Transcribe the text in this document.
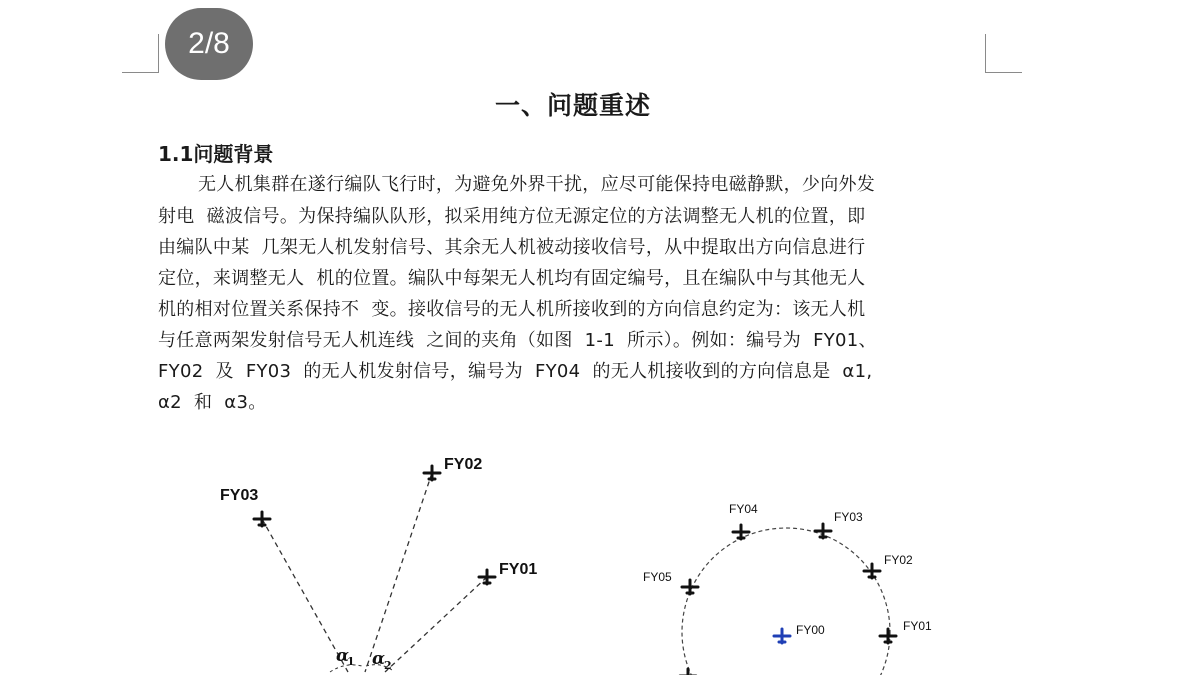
2/8
一、问题重述
1.1问题背景
无人机集群在遂行编队飞行时，为避免外界干扰，应尽可能保持电磁静默，少向外发
射电  磁波信号。为保持编队队形，拟采用纯方位无源定位的方法调整无人机的位置，即
由编队中某  几架无人机发射信号、其余无人机被动接收信号，从中提取出方向信息进行
定位，来调整无人  机的位置。编队中每架无人机均有固定编号，且在编队中与其他无人
机的相对位置关系保持不  变。接收信号的无人机所接收到的方向信息约定为：该无人机
与任意两架发射信号无人机连线  之间的夹角（如图  1-1  所示）。例如：编号为  FY01、
FY02  及  FY03  的无人机发射信号，编号为  FY04  的无人机接收到的方向信息是  α1,
α2  和  α3。
FY03
FY02
FY01
α
1 α
2
FY04
FY03
FY02
FY05
FY00	FY01
